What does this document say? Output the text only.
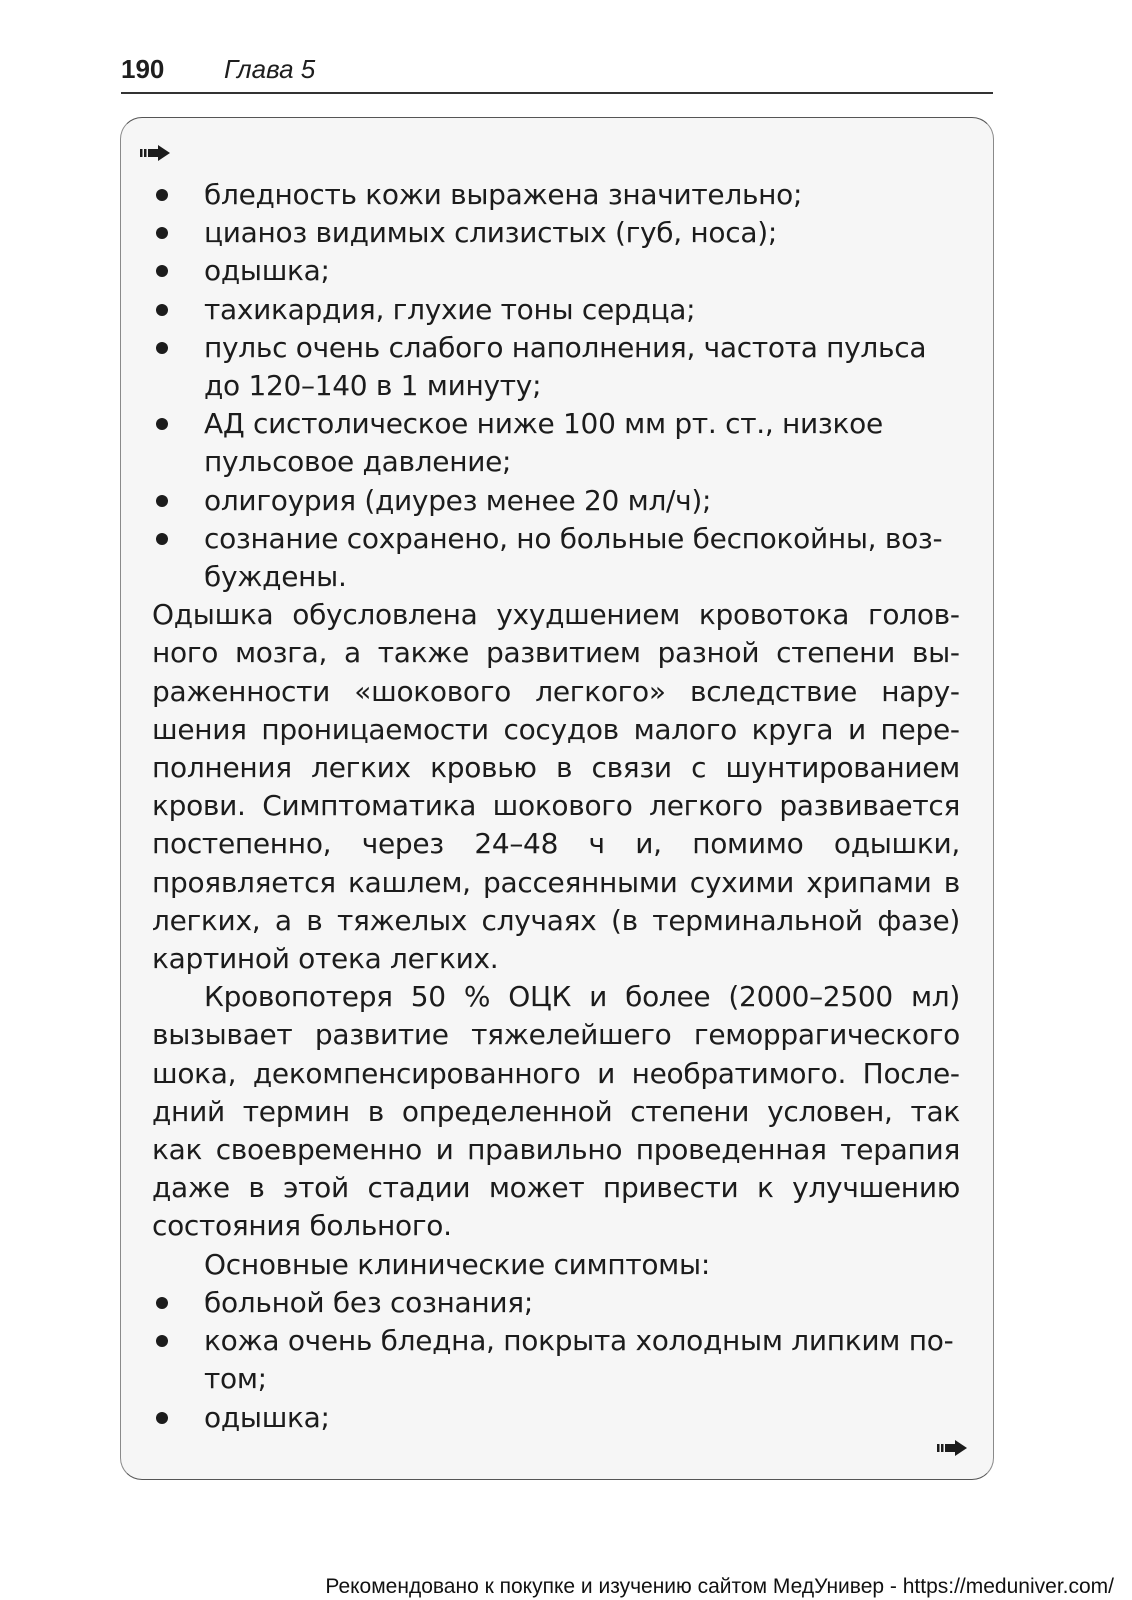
190 Глава 5
бледность кожи выражена значительно;
цианоз видимых слизистых (губ, носа);
одышка;
тахикардия, глухие тоны сердца;
пульс очень слабого наполнения, частота пульса до 120–140 в 1 минуту;
АД систолическое ниже 100 мм рт. ст., низкое пульсовое давление;
олигоурия (диурез менее 20 мл/ч);
сознание сохранено, но больные беспокойны, возбуждены.

Одышка обусловлена ухудшением кровотока головного мозга, а также развитием разной степени выраженности «шокового легкого» вследствие нарушения проницаемости сосудов малого круга и переполнения легких кровью в связи с шунтированием крови. Симптоматика шокового легкого развивается постепенно, через 24–48 ч и, помимо одышки, проявляется кашлем, рассеянными сухими хрипами в легких, а в тяжелых случаях (в терминальной фазе) картиной отека легких.

Кровопотеря 50 % ОЦК и более (2000–2500 мл) вызывает развитие тяжелейшего геморрагического шока, декомпенсированного и необратимого. Последний термин в определенной степени условен, так как своевременно и правильно проведенная терапия даже в этой стадии может привести к улучшению состояния больного.

Основные клинические симптомы:

больной без сознания;
кожа очень бледна, покрыта холодным липким потом;
одышка;
Рекомендовано к покупке и изучению сайтом МедУнивер - https://meduniver.com/
